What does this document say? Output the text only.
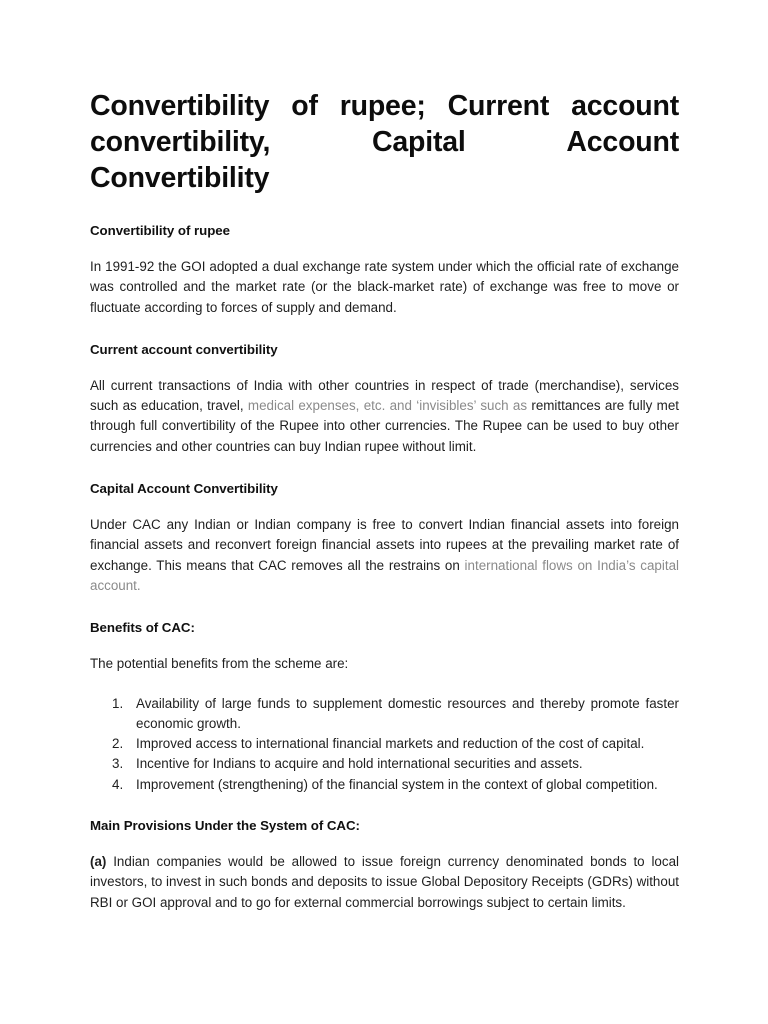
Convertibility of rupee; Current account convertibility, Capital Account Convertibility
Convertibility of rupee

In 1991-92 the GOI adopted a dual exchange rate system under which the official rate of exchange was controlled and the market rate (or the black-market rate) of exchange was free to move or fluctuate according to forces of supply and demand.

Current account convertibility

All current transactions of India with other countries in respect of trade (merchandise), services such as education, travel, medical expenses, etc. and ‘invisibles’ such as remittances are fully met through full convertibility of the Rupee into other currencies. The Rupee can be used to buy other currencies and other countries can buy Indian rupee without limit.

Capital Account Convertibility

Under CAC any Indian or Indian company is free to convert Indian financial assets into foreign financial assets and reconvert foreign financial assets into rupees at the prevailing market rate of exchange. This means that CAC removes all the restrains on international flows on India’s capital account.

Benefits of CAC:

The potential benefits from the scheme are:

Availability of large funds to supplement domestic resources and thereby promote faster economic growth.
Improved access to international financial markets and reduction of the cost of capital.
Incentive for Indians to acquire and hold international securities and assets.
Improvement (strengthening) of the financial system in the context of global competition.
Main Provisions Under the System of CAC:

(a) Indian companies would be allowed to issue foreign currency denominated bonds to local investors, to invest in such bonds and deposits to issue Global Depository Receipts (GDRs) without RBI or GOI approval and to go for external commercial borrowings subject to certain limits.
